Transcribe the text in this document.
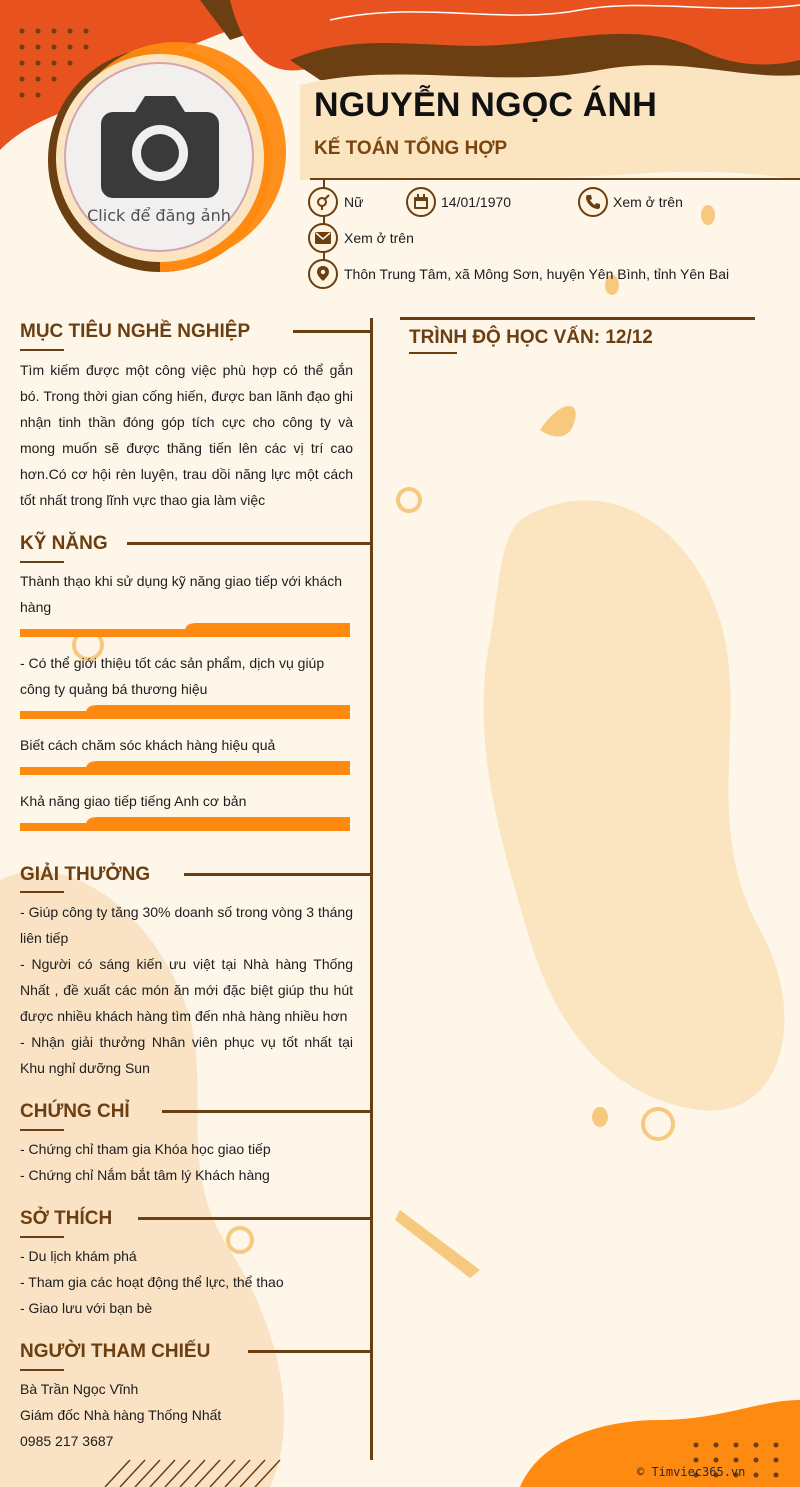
Click để đăng ảnh
NGUYỄN NGỌC ÁNH
KẾ TOÁN TỔNG HỢP
Nữ	14/01/1970	Xem ở trên
Xem ở trên
Thôn Trung Tâm, xã Mông Sơn, huyện Yên Bình, tỉnh Yên Bai
MỤC TIÊU NGHỀ NGHIỆP
Tìm kiếm được một công việc phù hợp có thể gắn bó. Trong thời gian cống hiến, được ban lãnh đạo ghi nhận tinh thần đóng góp tích cực cho công ty và mong muốn sẽ được thăng tiến lên các vị trí cao hơn.Có cơ hội rèn luyện, trau dồi năng lực một cách tốt nhất trong lĩnh vực thao gia làm việc
KỸ NĂNG
Thành thạo khi sử dụng kỹ năng giao tiếp với khách hàng
- Có thể giới thiệu tốt các sản phẩm, dịch vụ giúp công ty quảng bá thương hiệu
Biết cách chăm sóc khách hàng hiệu quả
Khả năng giao tiếp tiếng Anh cơ bản
GIẢI THƯỞNG
- Giúp công ty tăng 30% doanh số trong vòng 3 tháng liên tiếp
- Người có sáng kiến ưu việt tại Nhà hàng Thống Nhất , đề xuất các món ăn mới đặc biệt giúp thu hút được nhiều khách hàng tìm đến nhà hàng nhiều hơn
- Nhận giải thưởng Nhân viên phục vụ tốt nhất tại Khu nghỉ dưỡng Sun
CHỨNG CHỈ
- Chứng chỉ tham gia Khóa học giao tiếp
- Chứng chỉ Nắm bắt tâm lý Khách hàng
SỞ THÍCH
- Du lịch khám phá
- Tham gia các hoạt động thể lực, thể thao
- Giao lưu với bạn bè
NGƯỜI THAM CHIẾU
Bà Trần Ngọc Vĩnh
Giám đốc Nhà hàng Thống Nhất
0985 217 3687
TRÌNH ĐỘ HỌC VẤN: 12/12
© Timviec365.vn
